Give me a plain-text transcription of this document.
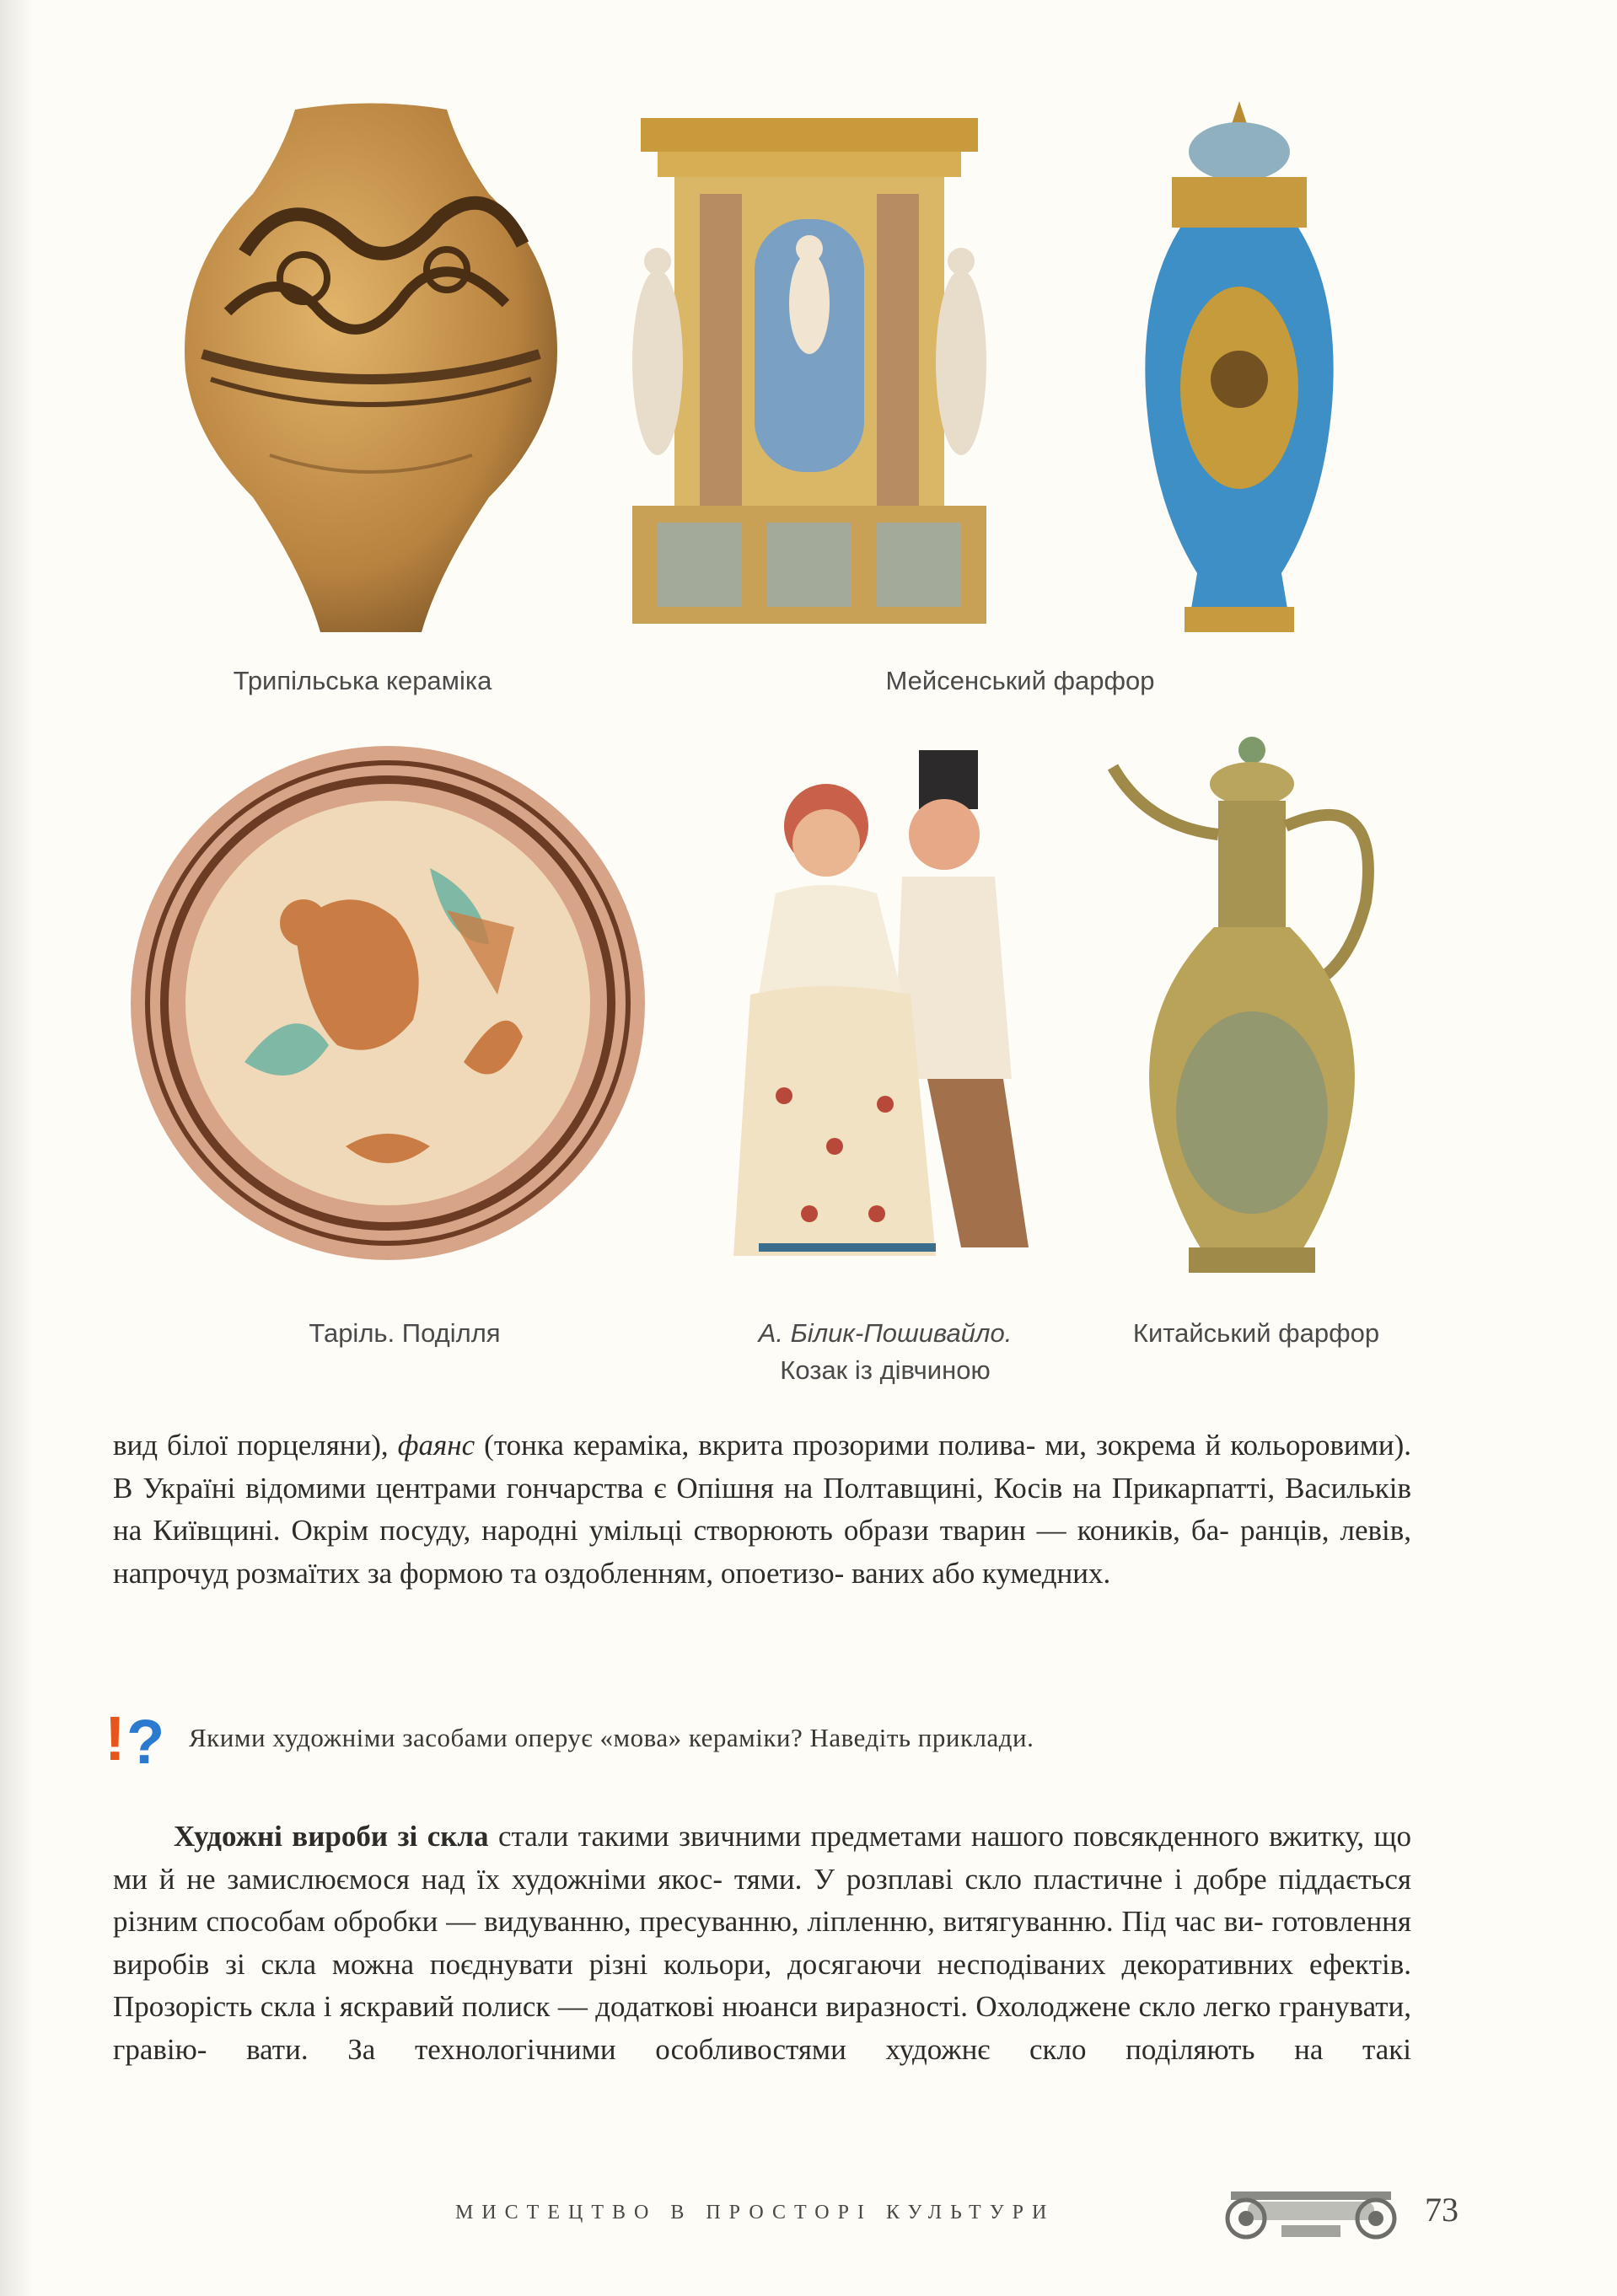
Трипільська кераміка	Мейсенський фарфор
Таріль. Поділля	А. Білик-Пошивайло.
Козак із дівчиною
Китайський фарфор

вид білої порцеляни), фаянс (тонка кераміка, вкрита прозорими полива- ми, зокрема й кольоровими). В Україні відомими центрами гончарства є Опішня на Полтавщині, Косів на Прикарпатті, Васильків на Київщині. Окрім посуду, народні умільці створюють образи тварин — коників, ба- ранців, левів, напрочуд розмаїтих за формою та оздобленням, опоетизо- ваних або кумедних.

! ? Якими художніми засобами оперує «мова» кераміки? Наведіть приклади.

Художні вироби зі скла стали такими звичними предметами нашого повсякденного вжитку, що ми й не замислюємося над їх художніми якос- тями. У розплаві скло пластичне і добре піддається різним способам обробки — видуванню, пресуванню, ліпленню, витягуванню. Під час ви- готовлення виробів зі скла можна поєднувати різні кольори, досягаючи несподіваних декоративних ефектів. Прозорість скла і яскравий полиск — додаткові нюанси виразності. Охолоджене скло легко гранувати, гравію- вати. За технологічними особливостями художнє скло поділяють на такі

МИСТЕЦТВО В ПРОСТОРІ КУЛЬТУРИ	73
